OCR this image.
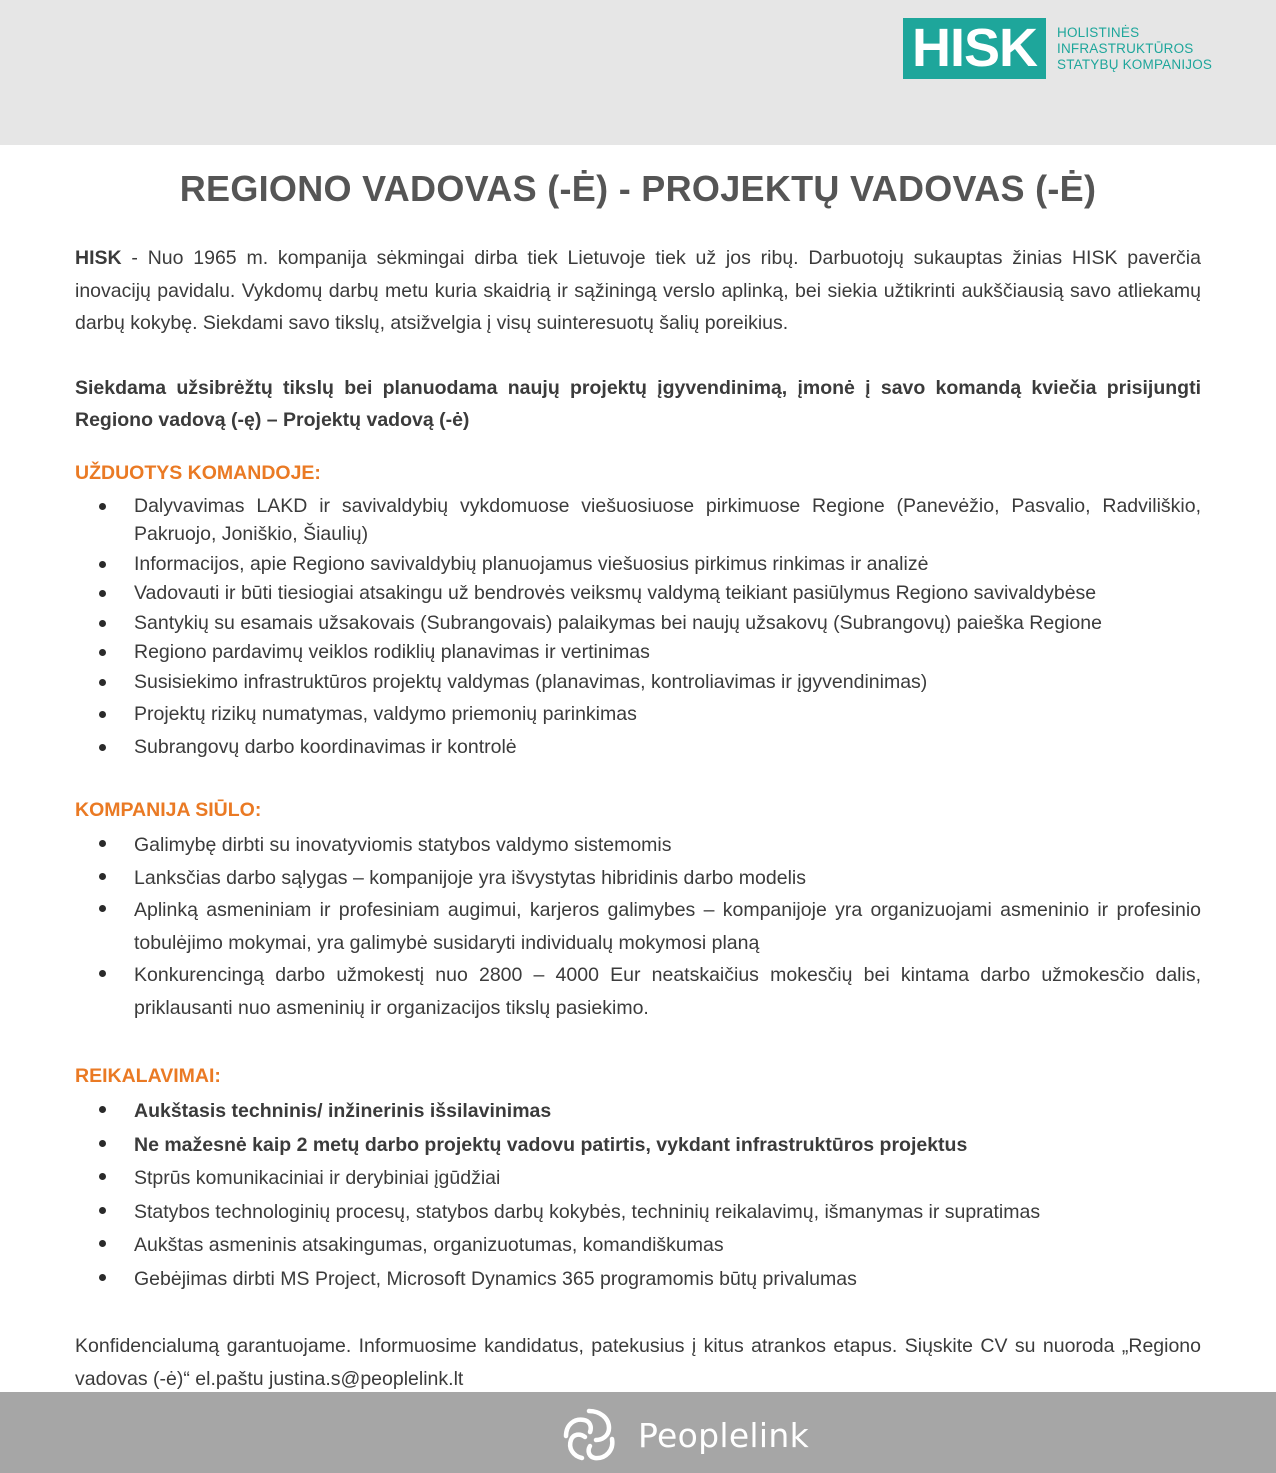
HISK	HOLISTINĖS
INFRASTRUKTŪROS
STATYBŲ KOMPANIJOS
REGIONO VADOVAS (-Ė) - PROJEKTŲ VADOVAS (-Ė)

HISK - Nuo 1965 m. kompanija sėkmingai dirba tiek Lietuvoje tiek už jos ribų. Darbuotojų sukauptas žinias HISK paverčia inovacijų pavidalu. Vykdomų darbų metu kuria skaidrią ir sąžiningą verslo aplinką, bei siekia užtikrinti aukščiausią savo atliekamų darbų kokybę. Siekdami savo tikslų, atsižvelgia į visų suinteresuotų šalių poreikius.

Siekdama užsibrėžtų tikslų bei planuodama naujų projektų įgyvendinimą, įmonė į savo komandą kviečia prisijungti Regiono vadovą (-ę) – Projektų vadovą (-ė)

UŽDUOTYS KOMANDOJE:
Dalyvavimas LAKD ir savivaldybių vykdomuose viešuosiuose pirkimuose Regione (Panevėžio, Pasvalio, Radviliškio, Pakruojo, Joniškio, Šiaulių)
Informacijos, apie Regiono savivaldybių planuojamus viešuosius pirkimus rinkimas ir analizė
Vadovauti ir būti tiesiogiai atsakingu už bendrovės veiksmų valdymą teikiant pasiūlymus Regiono savivaldybėse
Santykių su esamais užsakovais (Subrangovais) palaikymas bei naujų užsakovų (Subrangovų) paieška Regione
Regiono pardavimų veiklos rodiklių planavimas ir vertinimas
Susisiekimo infrastruktūros projektų valdymas (planavimas, kontroliavimas ir įgyvendinimas)
Projektų rizikų numatymas, valdymo priemonių parinkimas
Subrangovų darbo koordinavimas ir kontrolė
KOMPANIJA SIŪLO:
Galimybę dirbti su inovatyviomis statybos valdymo sistemomis
Lanksčias darbo sąlygas – kompanijoje yra išvystytas hibridinis darbo modelis
Aplinką asmeniniam ir profesiniam augimui, karjeros galimybes – kompanijoje yra organizuojami asmeninio ir profesinio tobulėjimo mokymai, yra galimybė susidaryti individualų mokymosi planą
Konkurencingą darbo užmokestį nuo 2800 – 4000 Eur neatskaičius mokesčių bei kintama darbo užmokesčio dalis, priklausanti nuo asmeninių ir organizacijos tikslų pasiekimo.
REIKALAVIMAI:
Aukštasis techninis/ inžinerinis išsilavinimas
Ne mažesnė kaip 2 metų darbo projektų vadovu patirtis, vykdant infrastruktūros projektus
Stprūs komunikaciniai ir derybiniai įgūdžiai
Statybos technologinių procesų, statybos darbų kokybės, techninių reikalavimų, išmanymas ir supratimas
Aukštas asmeninis atsakingumas, organizuotumas, komandiškumas
Gebėjimas dirbti MS Project, Microsoft Dynamics 365 programomis būtų privalumas

Konfidencialumą garantuojame. Informuosime kandidatus, patekusius į kitus atrankos etapus. Siųskite CV su nuoroda „Regiono vadovas (-ė)“ el.paštu justina.s@peoplelink.lt

Peoplelink
